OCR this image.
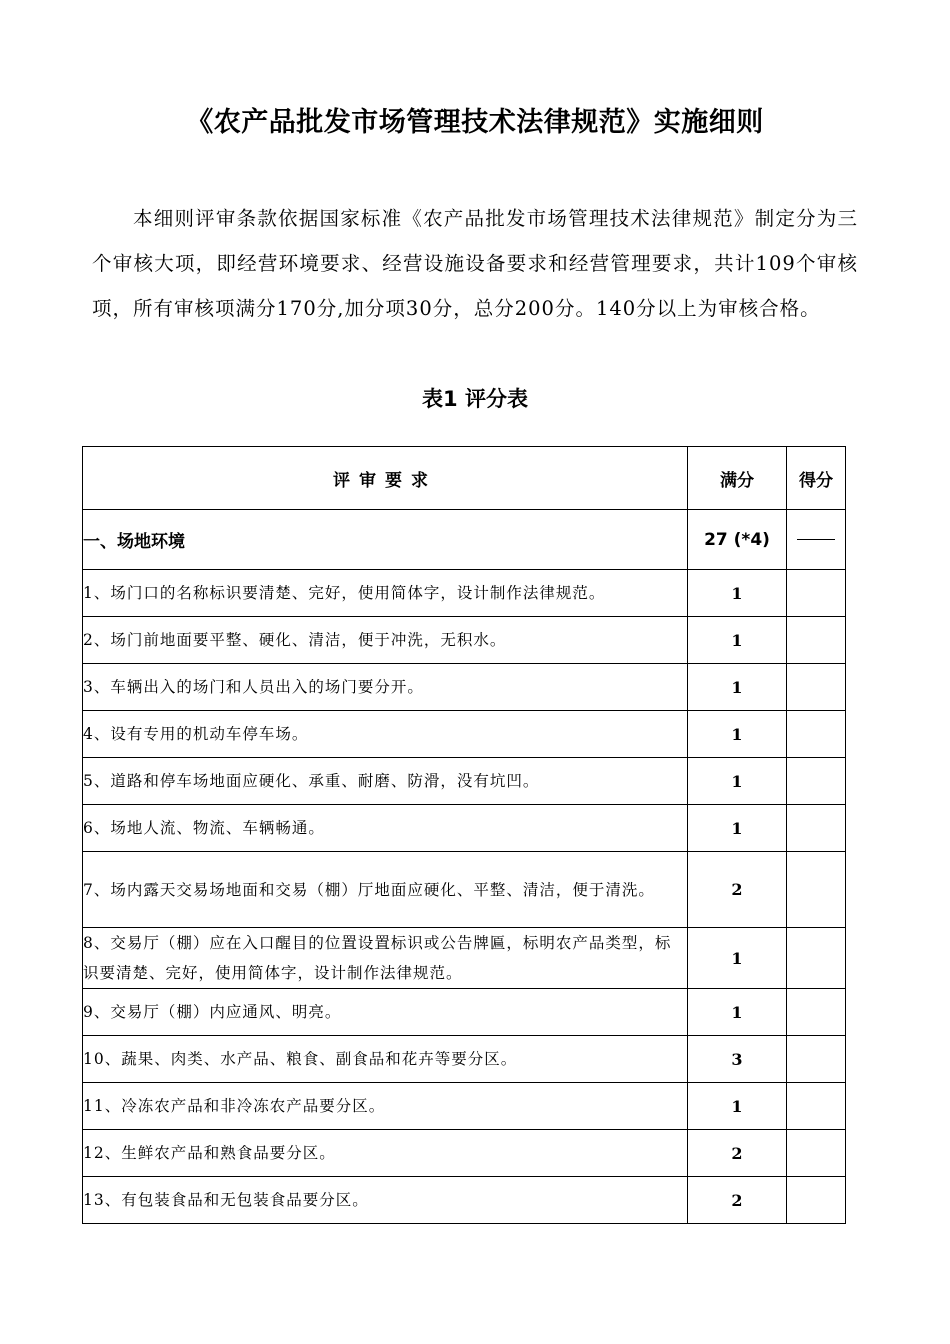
《农产品批发市场管理技术法律规范》实施细则
本细则评审条款依据国家标准《农产品批发市场管理技术法律规范》制定分为三个审核大项，即经营环境要求、经营设施设备要求和经营管理要求，共计109个审核项，所有审核项满分170分,加分项30分，总分200分。140分以上为审核合格。
表1 评分表
评审要求	满分	得分
一、场地环境	27 (*4)	
1、场门口的名称标识要清楚、完好，使用简体字，设计制作法律规范。	1	
2、场门前地面要平整、硬化、清洁，便于冲洗，无积水。	1	
3、车辆出入的场门和人员出入的场门要分开。	1	
4、设有专用的机动车停车场。	1	
5、道路和停车场地面应硬化、承重、耐磨、防滑，没有坑凹。	1	
6、场地人流、物流、车辆畅通。	1	
7、场内露天交易场地面和交易（棚）厅地面应硬化、平整、清洁，便于清洗。	2	
8、交易厅（棚）应在入口醒目的位置设置标识或公告牌匾，标明农产品类型，标识要清楚、完好，使用简体字，设计制作法律规范。	1	
9、交易厅（棚）内应通风、明亮。	1	
10、蔬果、肉类、水产品、粮食、副食品和花卉等要分区。	3	
11、冷冻农产品和非冷冻农产品要分区。	1	
12、生鲜农产品和熟食品要分区。	2	
13、有包装食品和无包装食品要分区。	2	
